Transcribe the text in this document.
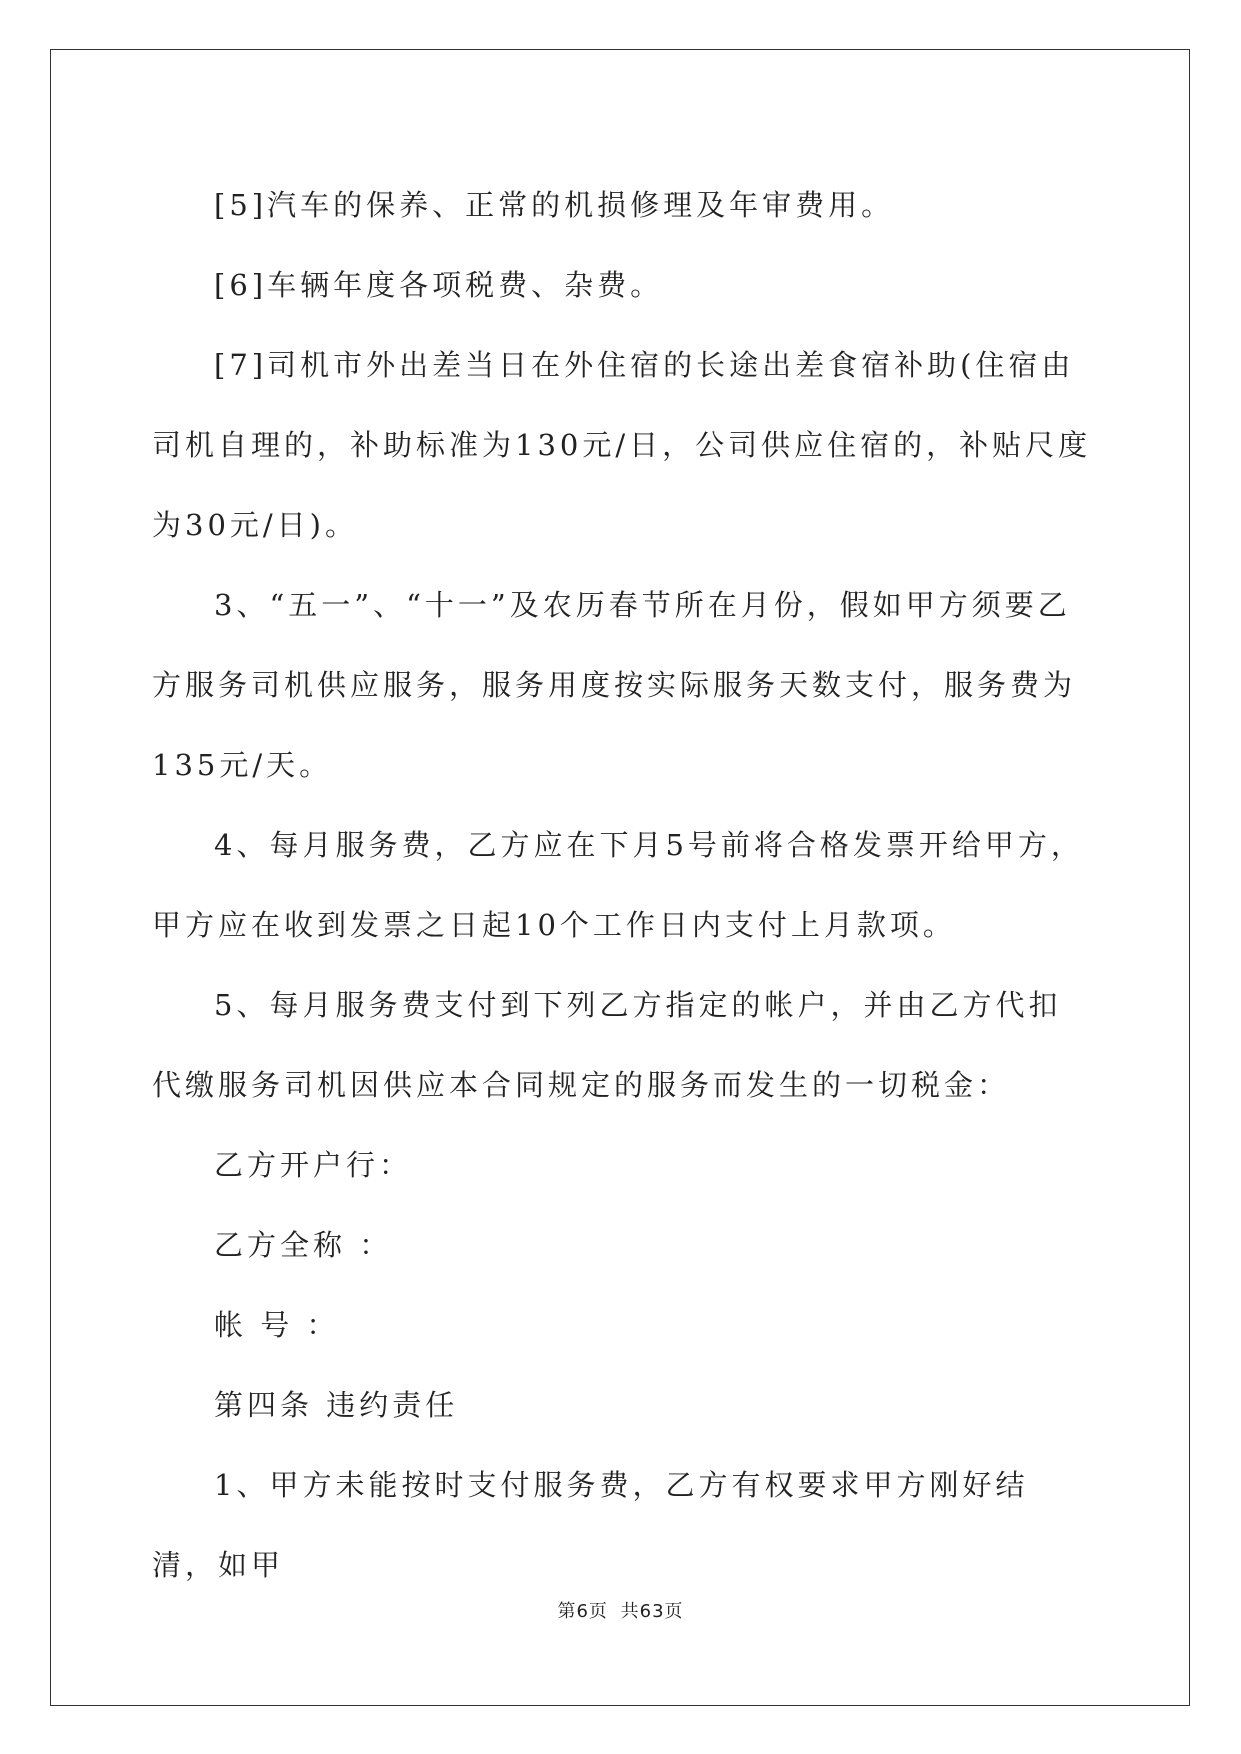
[5]汽车的保养、正常的机损修理及年审费用。

[6]车辆年度各项税费、杂费。

[7]司机市外出差当日在外住宿的长途出差食宿补助(住宿由司机自理的，补助标准为130元/日，公司供应住宿的，补贴尺度为30元/日)。

3、“五一”、“十一”及农历春节所在月份，假如甲方须要乙方服务司机供应服务，服务用度按实际服务天数支付，服务费为135元/天。

4、每月服务费，乙方应在下月5号前将合格发票开给甲方，甲方应在收到发票之日起10个工作日内支付上月款项。

5、每月服务费支付到下列乙方指定的帐户，并由乙方代扣代缴服务司机因供应本合同规定的服务而发生的一切税金：

乙方开户行：

乙方全称 ：

帐 号 ：

第四条 违约责任

1、甲方未能按时支付服务费，乙方有权要求甲方刚好结清，如甲

第6页 共63页
